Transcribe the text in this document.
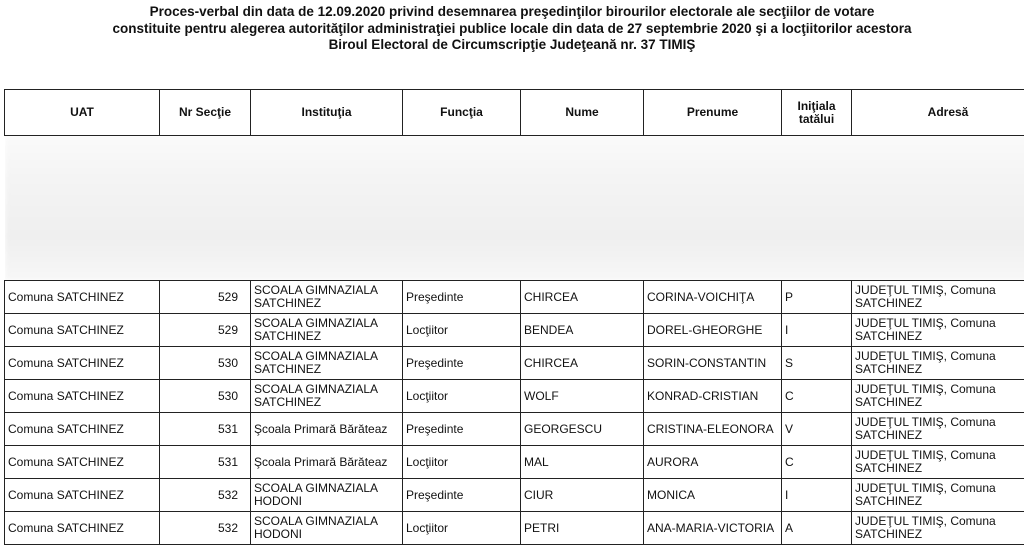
Proces-verbal din data de 12.09.2020 privind desemnarea preşedinţilor birourilor electorale ale secţiilor de votare
constituite pentru alegerea autorităţilor administraţiei publice locale din data de 27 septembrie 2020 şi a locţiitorilor acestora
Biroul Electoral de Circumscripţie Judeţeană nr. 37 TIMIŞ
UAT	Nr Secţie	Instituţia	Funcţia	Nume	Prenume	Iniţiala tatălui	Adresă

Comuna SATCHINEZ	529	SCOALA GIMNAZIALA SATCHINEZ	Preşedinte	CHIRCEA	CORINA-VOICHIŢA	P	JUDEŢUL TIMIŞ, Comuna SATCHINEZ
Comuna SATCHINEZ	529	SCOALA GIMNAZIALA SATCHINEZ	Locţiitor	BENDEA	DOREL-GHEORGHE	I	JUDEŢUL TIMIŞ, Comuna SATCHINEZ
Comuna SATCHINEZ	530	SCOALA GIMNAZIALA SATCHINEZ	Preşedinte	CHIRCEA	SORIN-CONSTANTIN	S	JUDEŢUL TIMIŞ, Comuna SATCHINEZ
Comuna SATCHINEZ	530	SCOALA GIMNAZIALA SATCHINEZ	Locţiitor	WOLF	KONRAD-CRISTIAN	C	JUDEŢUL TIMIŞ, Comuna SATCHINEZ
Comuna SATCHINEZ	531	Şcoala Primară Bărăteaz	Preşedinte	GEORGESCU	CRISTINA-ELEONORA	V	JUDEŢUL TIMIŞ, Comuna SATCHINEZ
Comuna SATCHINEZ	531	Şcoala Primară Bărăteaz	Locţiitor	MAL	AURORA	C	JUDEŢUL TIMIŞ, Comuna SATCHINEZ
Comuna SATCHINEZ	532	SCOALA GIMNAZIALA HODONI	Preşedinte	CIUR	MONICA	I	JUDEŢUL TIMIŞ, Comuna SATCHINEZ
Comuna SATCHINEZ	532	SCOALA GIMNAZIALA HODONI	Locţiitor	PETRI	ANA-MARIA-VICTORIA	A	JUDEŢUL TIMIŞ, Comuna SATCHINEZ
